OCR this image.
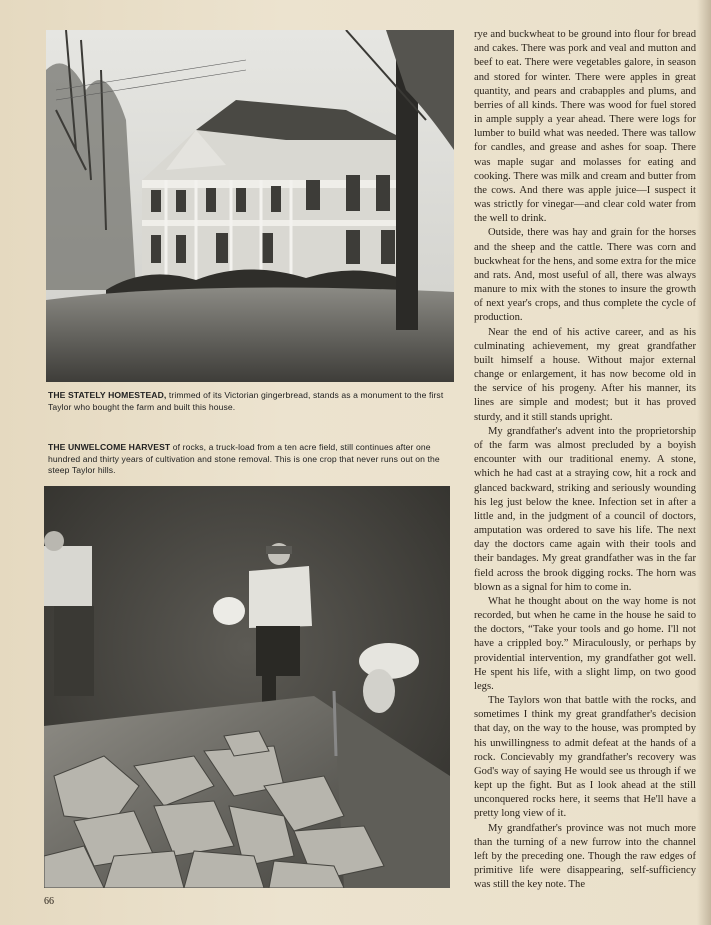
THE STATELY HOMESTEAD, trimmed of its Victorian gingerbread, stands as a monument to the first Taylor who bought the farm and built this house.
THE UNWELCOME HARVEST of rocks, a truck-load from a ten acre field, still continues after one hundred and thirty years of cultivation and stone removal. This is one crop that never runs out on the steep Taylor hills.

rye and buckwheat to be ground into flour for bread and cakes. There was pork and veal and mutton and beef to eat. There were vegetables galore, in season and stored for winter. There were apples in great quantity, and pears and crabapples and plums, and berries of all kinds. There was wood for fuel stored in ample supply a year ahead. There were logs for lumber to build what was needed. There was tallow for candles, and grease and ashes for soap. There was maple sugar and molasses for eating and cooking. There was milk and cream and butter from the cows. And there was apple juice—I suspect it was strictly for vinegar—and clear cold water from the well to drink.

Outside, there was hay and grain for the horses and the sheep and the cattle. There was corn and buckwheat for the hens, and some extra for the mice and rats. And, most useful of all, there was always manure to mix with the stones to insure the growth of next year's crops, and thus complete the cycle of production.

Near the end of his active career, and as his culminating achievement, my great grandfather built himself a house. Without major external change or enlargement, it has now become old in the service of his progeny. After his manner, its lines are simple and modest; but it has proved sturdy, and it still stands upright.

My grandfather's advent into the proprietorship of the farm was almost precluded by a boyish encounter with our traditional enemy. A stone, which he had cast at a straying cow, hit a rock and glanced backward, striking and seriously wounding his leg just below the knee. Infection set in after a little and, in the judgment of a council of doctors, amputation was ordered to save his life. The next day the doctors came again with their tools and their bandages. My great grandfather was in the far field across the brook digging rocks. The horn was blown as a signal for him to come in.

What he thought about on the way home is not recorded, but when he came in the house he said to the doctors, “Take your tools and go home. I'll not have a crippled boy.” Miraculously, or perhaps by providential intervention, my grandfather got well. He spent his life, with a slight limp, on two good legs.

The Taylors won that battle with the rocks, and sometimes I think my great grandfather's decision that day, on the way to the house, was prompted by his unwillingness to admit defeat at the hands of a rock. Concievably my grandfather's recovery was God's way of saying He would see us through if we kept up the fight. But as I look ahead at the still unconquered rocks here, it seems that He'll have a pretty long view of it.

My grandfather's province was not much more than the turning of a new furrow into the channel left by the preceding one. Though the raw edges of primitive life were disappearing, self-sufficiency was still the key note. The

66
